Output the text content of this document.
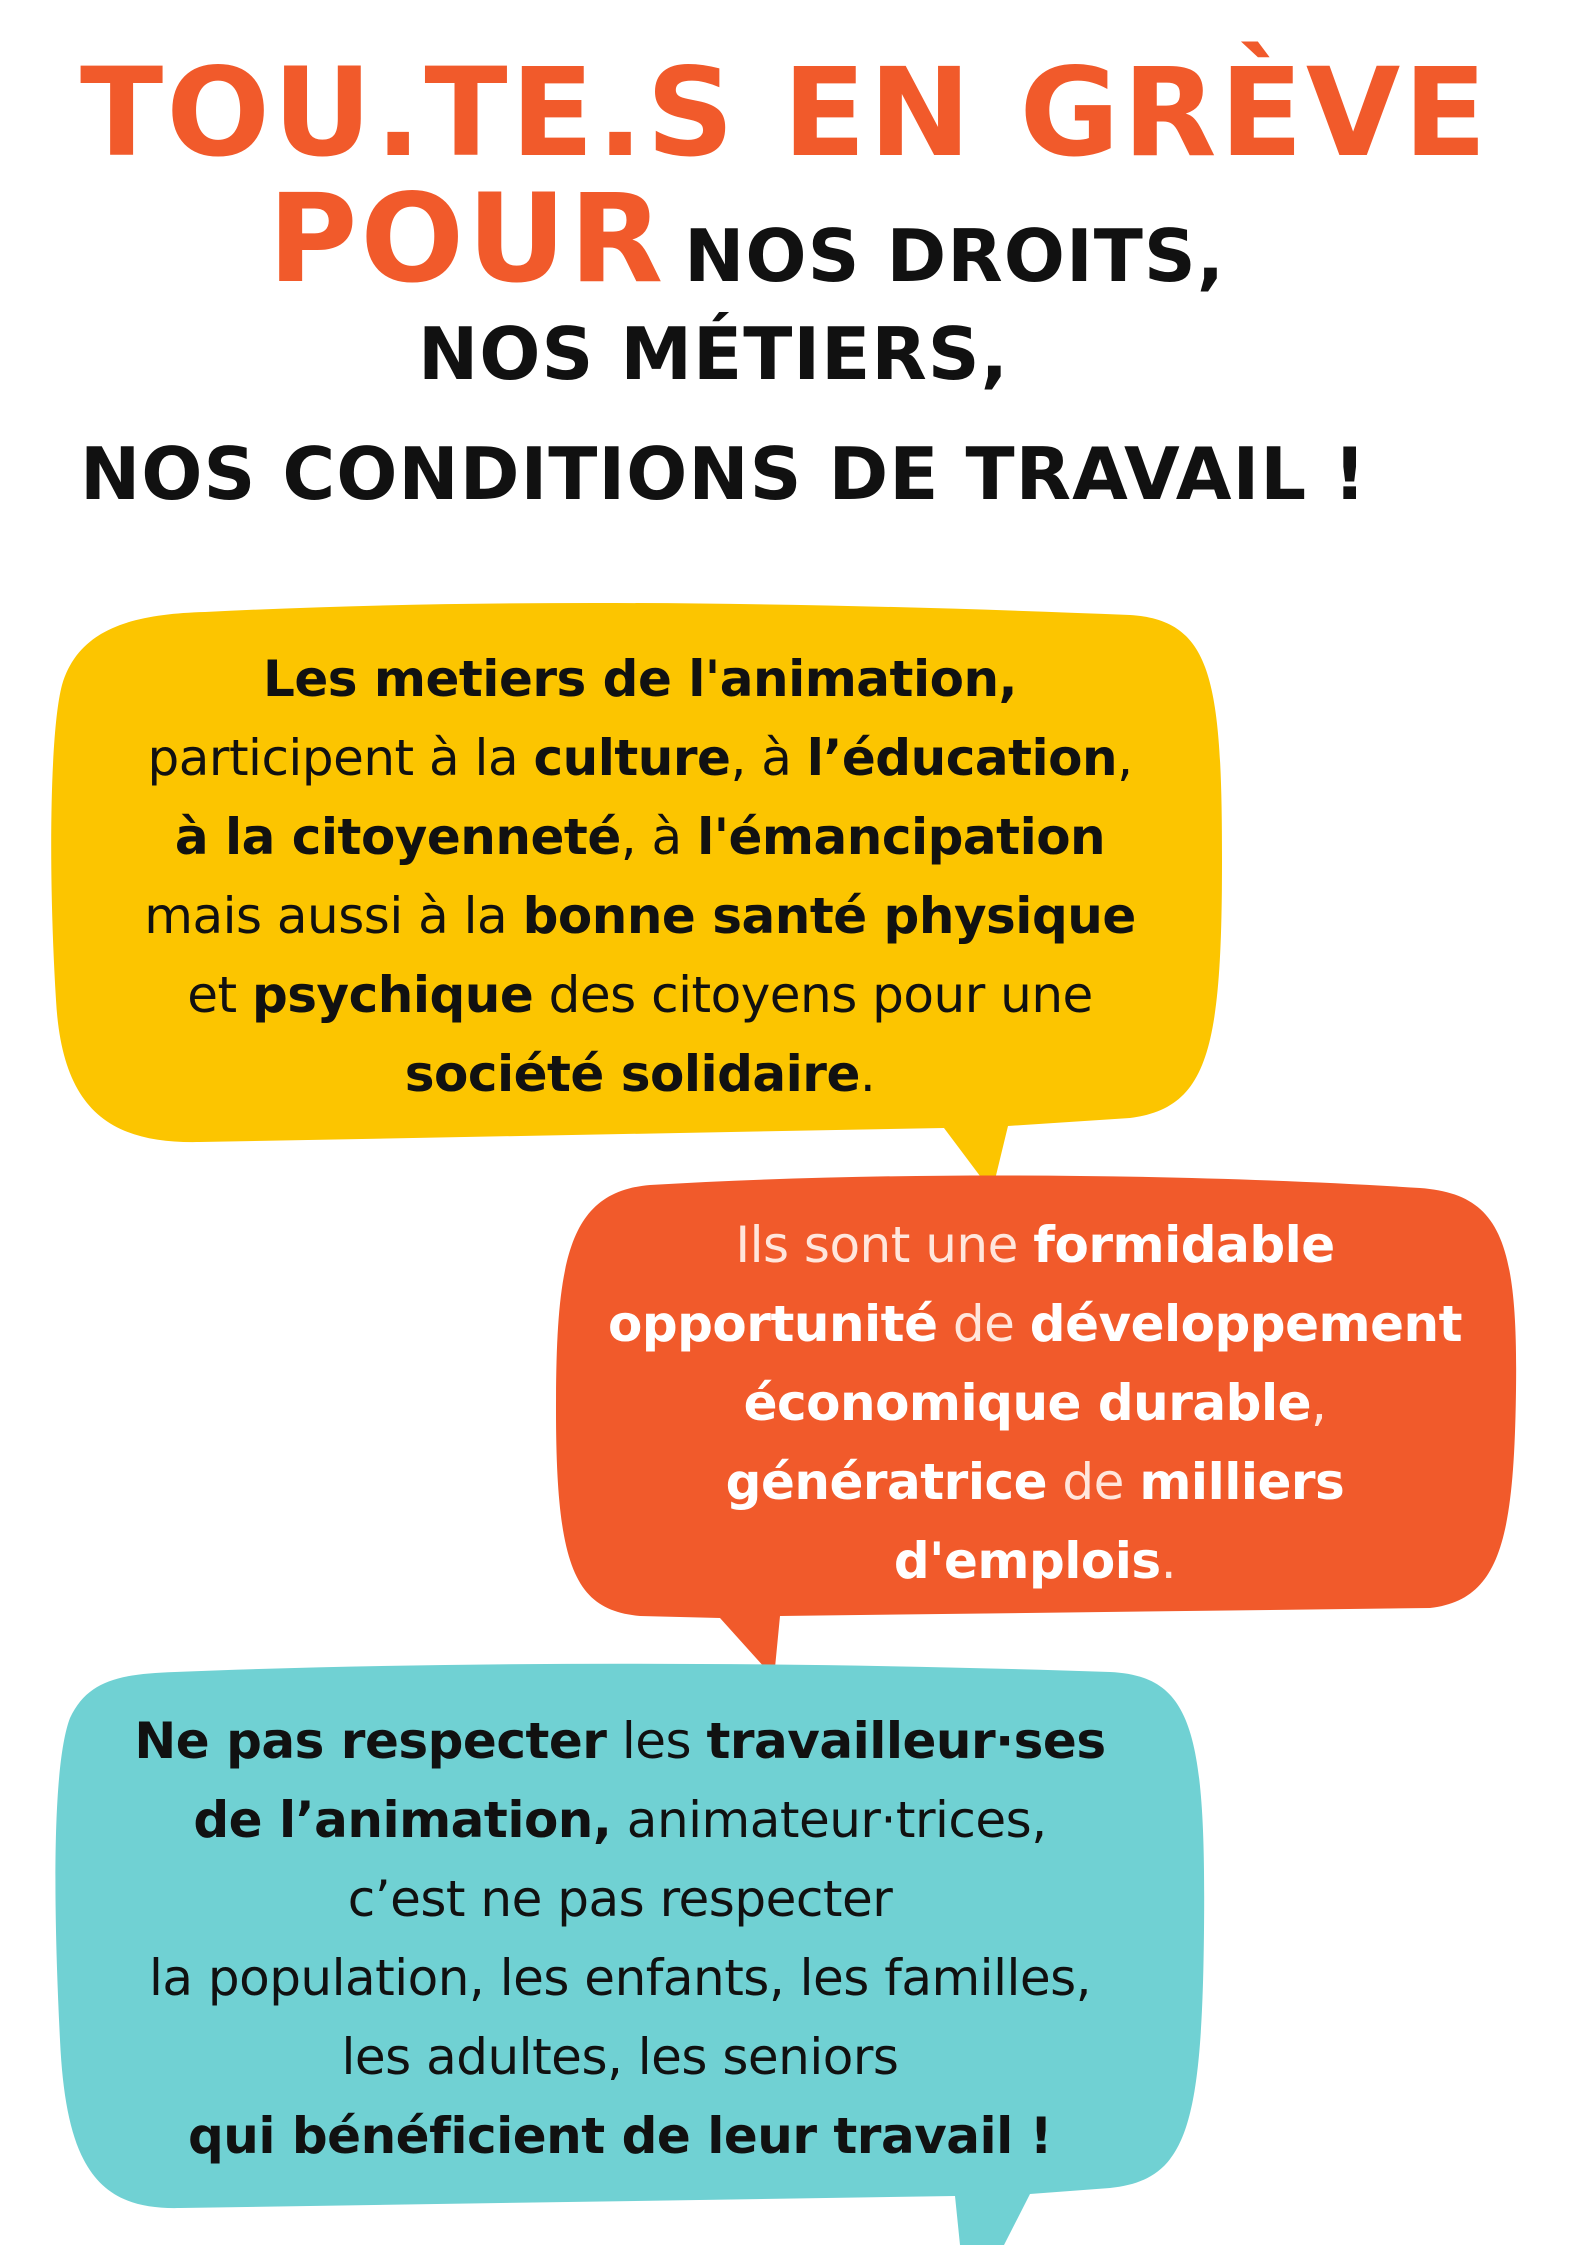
TOU.TE.S EN GRÈVE
POUR NOS DROITS,
NOS MÉTIERS,
NOS CONDITIONS DE TRAVAIL !
Les metiers de l'animation,
participent à la culture, à l’éducation,
à la citoyenneté, à l'émancipation
mais aussi à la bonne santé physique
et psychique des citoyens pour une
société solidaire.
Ils sont une formidable
opportunité de développement
économique durable,
génératrice de milliers
d'emplois.
Ne pas respecter les travailleur·ses
de l’animation, animateur·trices,
c’est ne pas respecter
la population, les enfants, les familles,
les adultes, les seniors
qui bénéficient de leur travail !
